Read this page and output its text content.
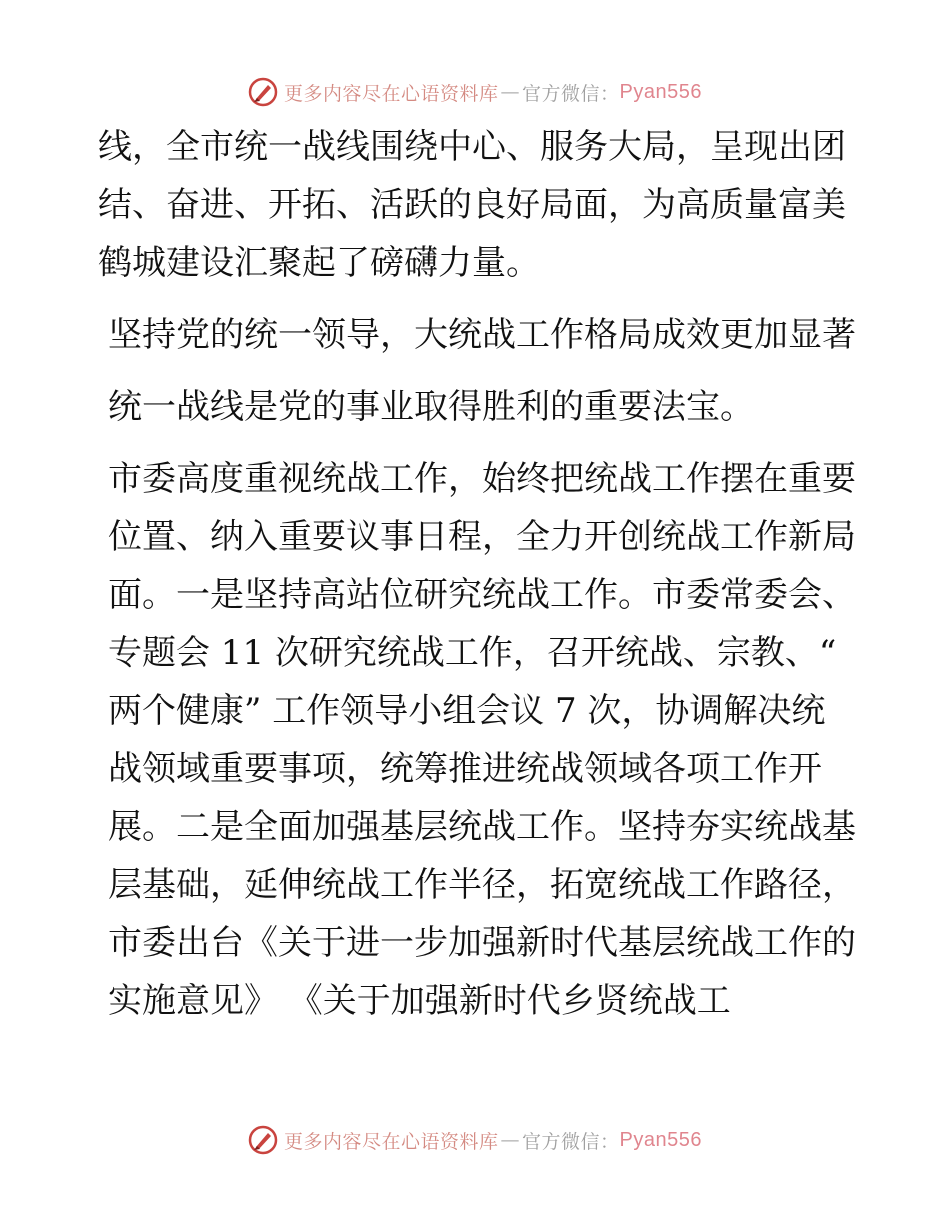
更多内容尽在心语资料库 — 官方微信： Pyan556

线，全市统一战线围绕中心、服务大局，呈现出团结、奋进、开拓、活跃的良好局面，为高质量富美鹤城建设汇聚起了磅礴力量。

坚持党的统一领导，大统战工作格局成效更加显著

统一战线是党的事业取得胜利的重要法宝。

市委高度重视统战工作，始终把统战工作摆在重要位置、纳入重要议事日程，全力开创统战工作新局面。一是坚持高站位研究统战工作。市委常委会、专题会 11 次研究统战工作，召开统战、宗教、“ 两个健康” 工作领导小组会议 7 次，协调解决统战领域重要事项，统筹推进统战领域各项工作开展。二是全面加强基层统战工作。坚持夯实统战基层基础，延伸统战工作半径，拓宽统战工作路径，市委出台《关于进一步加强新时代基层统战工作的实施意见》 《关于加强新时代乡贤统战工

更多内容尽在心语资料库 — 官方微信： Pyan556
